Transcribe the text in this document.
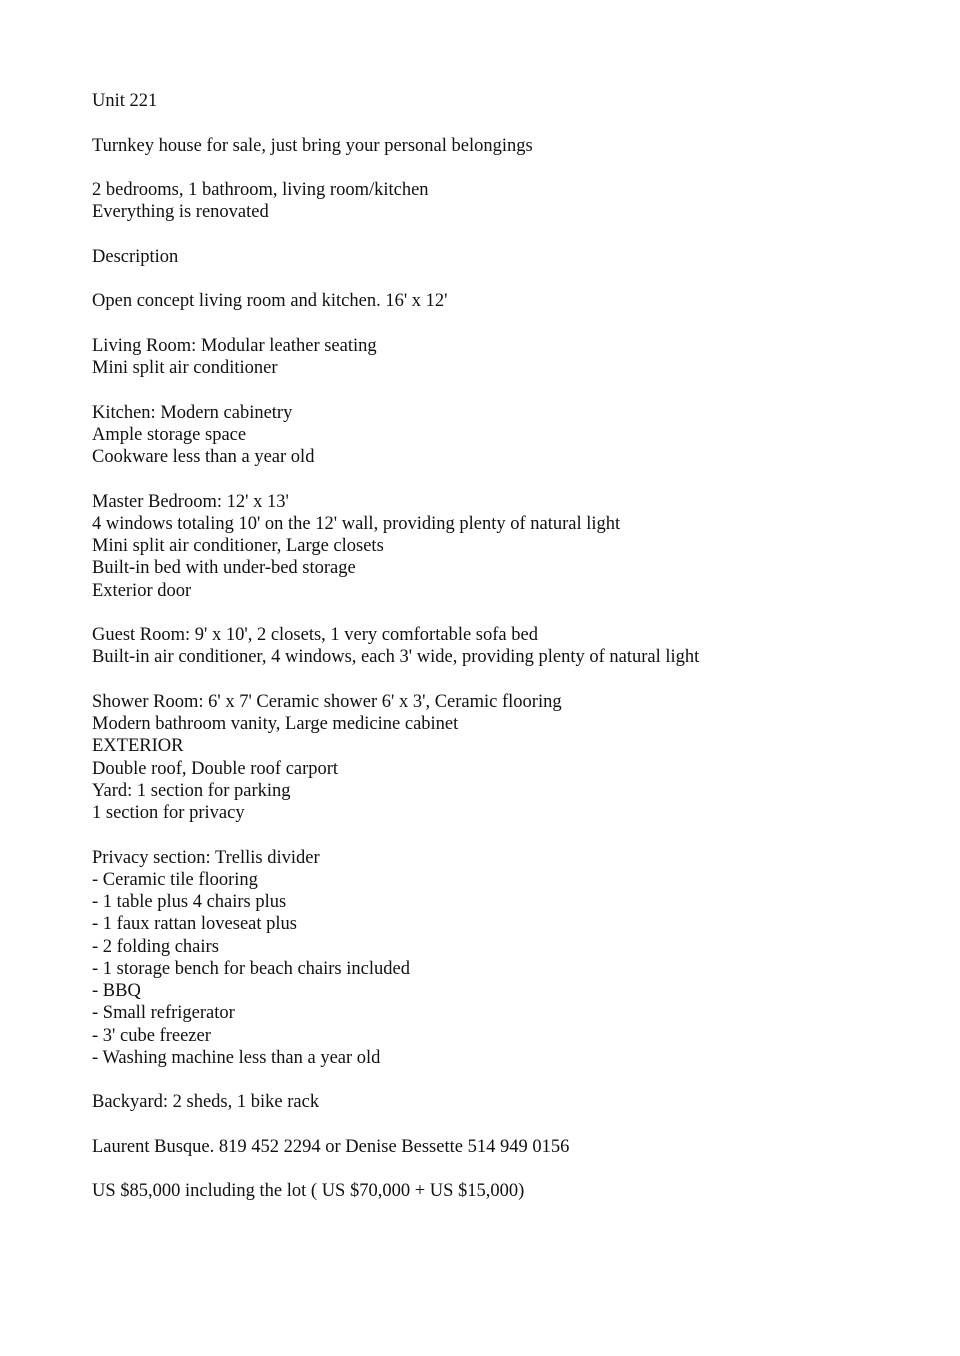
Unit 221
Turnkey house for sale, just bring your personal belongings
2 bedrooms, 1 bathroom, living room/kitchen
Everything is renovated
Description
Open concept living room and kitchen. 16' x 12'
Living Room: Modular leather seating
Mini split air conditioner
Kitchen: Modern cabinetry
Ample storage space
Cookware less than a year old
Master Bedroom: 12' x 13'
4 windows totaling 10' on the 12' wall, providing plenty of natural light
Mini split air conditioner, Large closets
Built-in bed with under-bed storage
Exterior door
Guest Room: 9' x 10', 2 closets, 1 very comfortable sofa bed
Built-in air conditioner, 4 windows, each 3' wide, providing plenty of natural light
Shower Room: 6' x 7' Ceramic shower 6' x 3', Ceramic flooring
Modern bathroom vanity, Large medicine cabinet
EXTERIOR
Double roof, Double roof carport
Yard: 1 section for parking
1 section for privacy
Privacy section: Trellis divider
- Ceramic tile flooring
- 1 table plus 4 chairs plus
- 1 faux rattan loveseat plus
- 2 folding chairs
- 1 storage bench for beach chairs included
- BBQ
- Small refrigerator
- 3' cube freezer
- Washing machine less than a year old
Backyard: 2 sheds, 1 bike rack
Laurent Busque. 819 452 2294 or Denise Bessette 514 949 0156
US $85,000 including the lot ( US $70,000 + US $15,000)
